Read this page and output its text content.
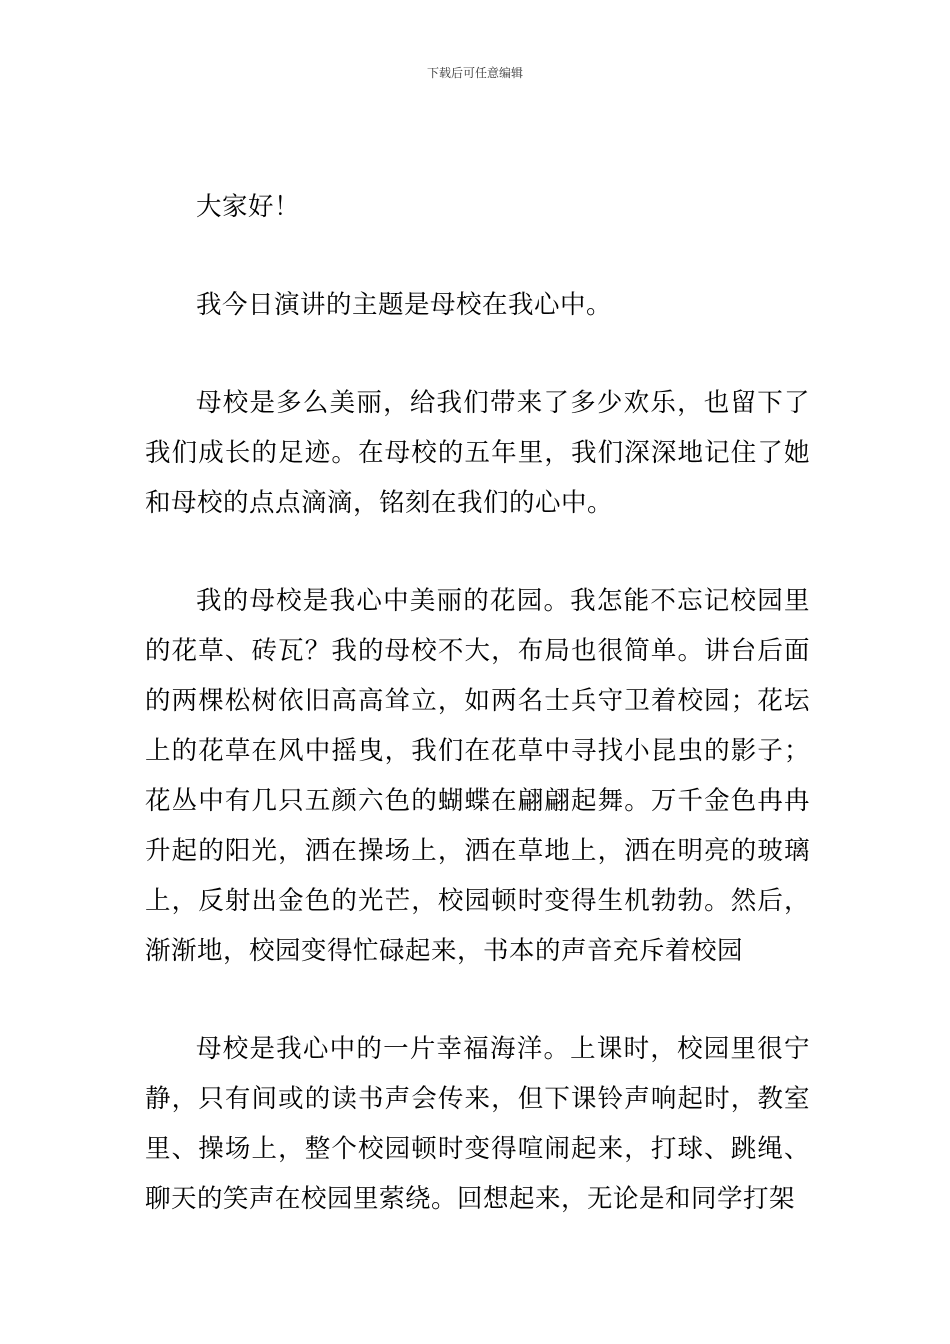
下载后可任意编辑

大家好！

我今日演讲的主题是母校在我心中。

母校是多么美丽，给我们带来了多少欢乐，也留下了我们成长的足迹。在母校的五年里，我们深深地记住了她和母校的点点滴滴，铭刻在我们的心中。

我的母校是我心中美丽的花园。我怎能不忘记校园里的花草、砖瓦？我的母校不大，布局也很简单。讲台后面的两棵松树依旧高高耸立，如两名士兵守卫着校园；花坛上的花草在风中摇曳，我们在花草中寻找小昆虫的影子；花丛中有几只五颜六色的蝴蝶在翩翩起舞。万千金色冉冉升起的阳光，洒在操场上，洒在草地上，洒在明亮的玻璃上，反射出金色的光芒，校园顿时变得生机勃勃。然后，渐渐地，校园变得忙碌起来，书本的声音充斥着校园

母校是我心中的一片幸福海洋。上课时，校园里很宁静，只有间或的读书声会传来，但下课铃声响起时，教室里、操场上，整个校园顿时变得喧闹起来，打球、跳绳、聊天的笑声在校园里萦绕。回想起来，无论是和同学打架
